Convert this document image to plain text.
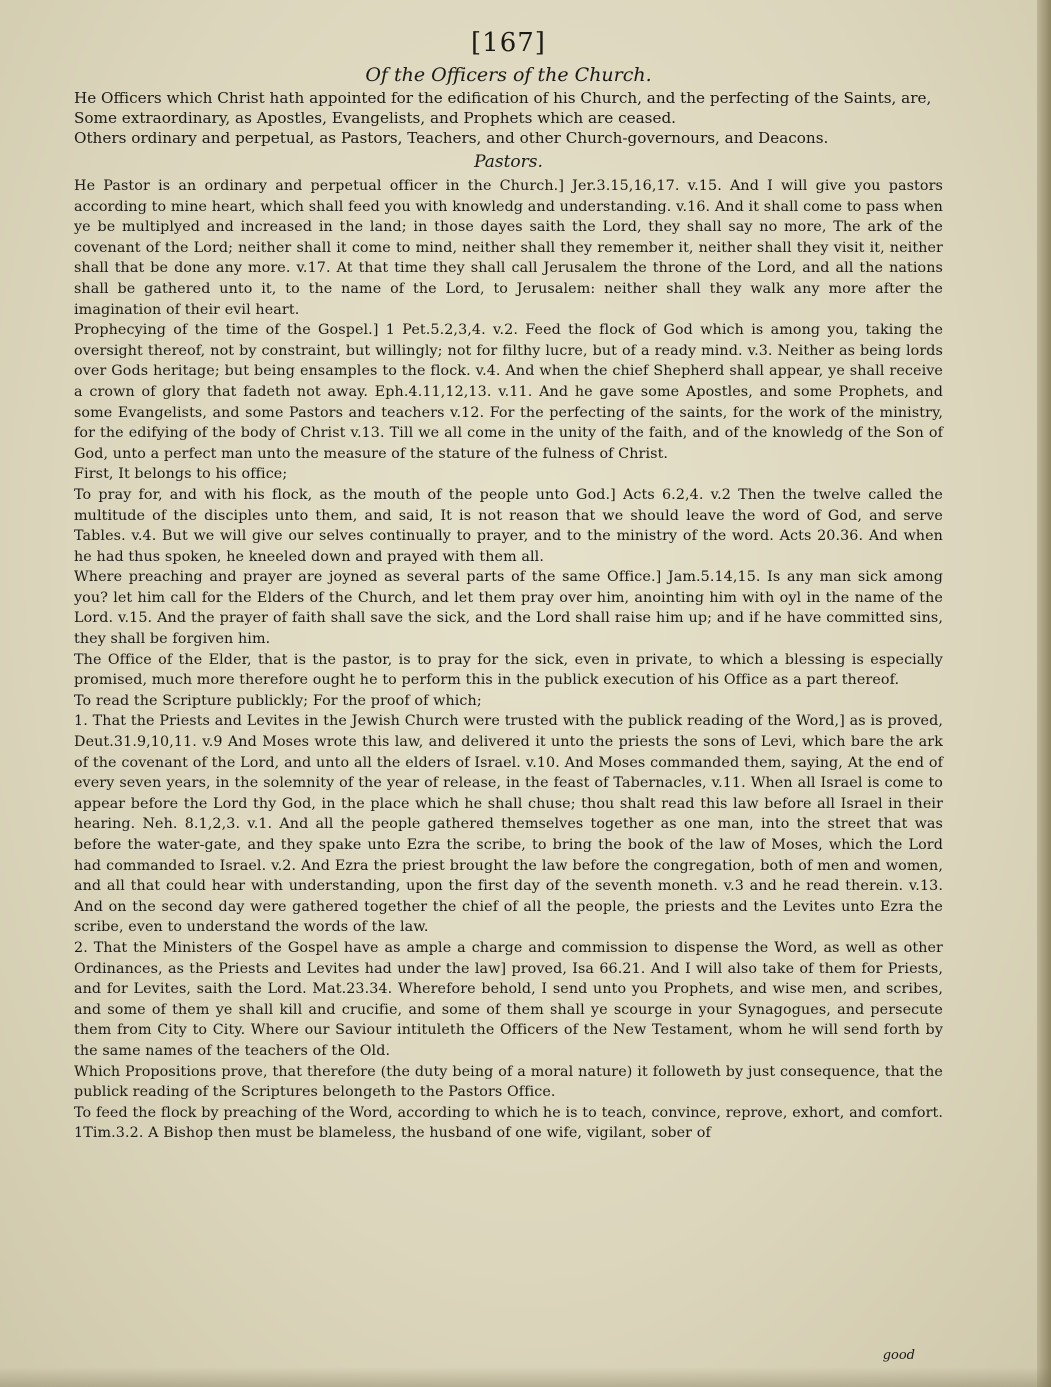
[167]
Of the Officers of the Church.

He Officers which Christ hath appointed for the edification of his Church, and the perfecting of the Saints, are,

Some extraordinary, as Apostles, Evangelists, and Prophets which are ceased.

Others ordinary and perpetual, as Pastors, Teachers, and other Church-governours, and Deacons.

Pastors.

He Pastor is an ordinary and perpetual officer in the Church.] Jer.3.15,16,17. v.15. And I will give you pastors according to mine heart, which shall feed you with knowledg and understanding. v.16. And it shall come to pass when ye be multiplyed and increased in the land; in those dayes saith the Lord, they shall say no more, The ark of the covenant of the Lord; neither shall it come to mind, neither shall they remember it, neither shall they visit it, neither shall that be done any more. v.17. At that time they shall call Jerusalem the throne of the Lord, and all the nations shall be gathered unto it, to the name of the Lord, to Jerusalem: neither shall they walk any more after the imagination of their evil heart.

Prophecying of the time of the Gospel.] 1 Pet.5.2,3,4. v.2. Feed the flock of God which is among you, taking the oversight thereof, not by constraint, but willingly; not for filthy lucre, but of a ready mind. v.3. Neither as being lords over Gods heritage; but being ensamples to the flock. v.4. And when the chief Shepherd shall appear, ye shall receive a crown of glory that fadeth not away. Eph.4.11,12,13. v.11. And he gave some Apostles, and some Prophets, and some Evangelists, and some Pastors and teachers v.12. For the perfecting of the saints, for the work of the ministry, for the edifying of the body of Christ v.13. Till we all come in the unity of the faith, and of the knowledg of the Son of God, unto a perfect man unto the measure of the stature of the fulness of Christ.

First, It belongs to his office;

To pray for, and with his flock, as the mouth of the people unto God.] Acts 6.2,4. v.2 Then the twelve called the multitude of the disciples unto them, and said, It is not reason that we should leave the word of God, and serve Tables. v.4. But we will give our selves continually to prayer, and to the ministry of the word. Acts 20.36. And when he had thus spoken, he kneeled down and prayed with them all.

Where preaching and prayer are joyned as several parts of the same Office.] Jam.5.14,15. Is any man sick among you? let him call for the Elders of the Church, and let them pray over him, anointing him with oyl in the name of the Lord. v.15. And the prayer of faith shall save the sick, and the Lord shall raise him up; and if he have committed sins, they shall be forgiven him.

The Office of the Elder, that is the pastor, is to pray for the sick, even in private, to which a blessing is especially promised, much more therefore ought he to perform this in the publick execution of his Office as a part thereof.

To read the Scripture publickly; For the proof of which;

1. That the Priests and Levites in the Jewish Church were trusted with the publick reading of the Word,] as is proved, Deut.31.9,10,11. v.9 And Moses wrote this law, and delivered it unto the priests the sons of Levi, which bare the ark of the covenant of the Lord, and unto all the elders of Israel. v.10. And Moses commanded them, saying, At the end of every seven years, in the solemnity of the year of release, in the feast of Tabernacles, v.11. When all Israel is come to appear before the Lord thy God, in the place which he shall chuse; thou shalt read this law before all Israel in their hearing. Neh. 8.1,2,3. v.1. And all the people gathered themselves together as one man, into the street that was before the water-gate, and they spake unto Ezra the scribe, to bring the book of the law of Moses, which the Lord had commanded to Israel. v.2. And Ezra the priest brought the law before the congregation, both of men and women, and all that could hear with understanding, upon the first day of the seventh moneth. v.3 and he read therein. v.13. And on the second day were gathered together the chief of all the people, the priests and the Levites unto Ezra the scribe, even to understand the words of the law.

2. That the Ministers of the Gospel have as ample a charge and commission to dispense the Word, as well as other Ordinances, as the Priests and Levites had under the law] proved, Isa 66.21. And I will also take of them for Priests, and for Levites, saith the Lord. Mat.23.34. Wherefore behold, I send unto you Prophets, and wise men, and scribes, and some of them ye shall kill and crucifie, and some of them shall ye scourge in your Synagogues, and persecute them from City to City. Where our Saviour intituleth the Officers of the New Testament, whom he will send forth by the same names of the teachers of the Old.

Which Propositions prove, that therefore (the duty being of a moral nature) it followeth by just consequence, that the publick reading of the Scriptures belongeth to the Pastors Office.

To feed the flock by preaching of the Word, according to which he is to teach, convince, reprove, exhort, and comfort. 1Tim.3.2. A Bishop then must be blameless, the husband of one wife, vigilant, sober of

good
